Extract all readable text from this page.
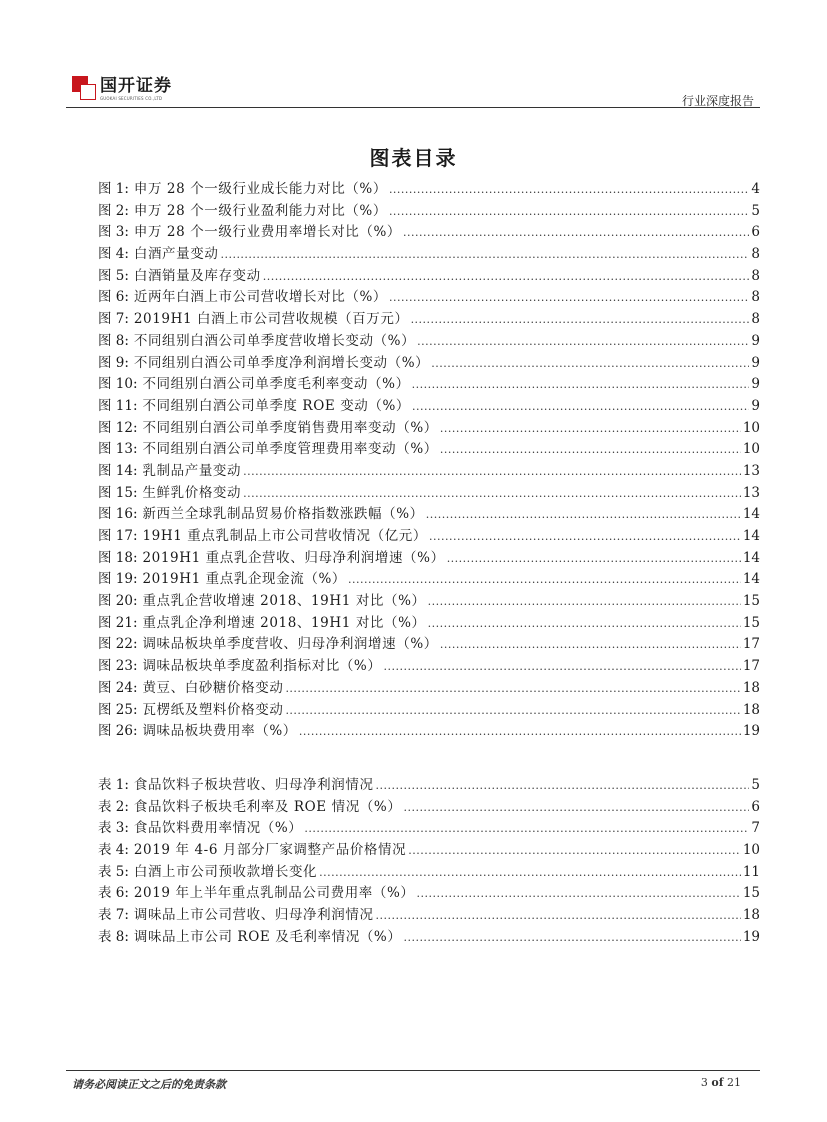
国开证券
GUOKAI SECURITIES CO.,LTD	行业深度报告
图表目录
图 1: 申万 28 个一级行业成长能力对比（%） .....	4
图 2: 申万 28 个一级行业盈利能力对比（%） .....	5
图 3: 申万 28 个一级行业费用率增长对比（%） .....	6
图 4: 白酒产量变动 .....	8
图 5: 白酒销量及库存变动 .....	8
图 6: 近两年白酒上市公司营收增长对比（%） .....	8
图 7: 2019H1 白酒上市公司营收规模（百万元） .....	8
图 8: 不同组别白酒公司单季度营收增长变动（%） .....	9
图 9: 不同组别白酒公司单季度净利润增长变动（%） .....	9
图 10: 不同组别白酒公司单季度毛利率变动（%） .....	9
图 11: 不同组别白酒公司单季度 ROE 变动（%） .....	9
图 12: 不同组别白酒公司单季度销售费用率变动（%） .....	10
图 13: 不同组别白酒公司单季度管理费用率变动（%） .....	10
图 14: 乳制品产量变动 .....	13
图 15: 生鲜乳价格变动 .....	13
图 16: 新西兰全球乳制品贸易价格指数涨跌幅（%） .....	14
图 17: 19H1 重点乳制品上市公司营收情况（亿元） .....	14
图 18: 2019H1 重点乳企营收、归母净利润增速（%） .....	14
图 19: 2019H1 重点乳企现金流（%） .....	14
图 20: 重点乳企营收增速 2018、19H1 对比（%） .....	15
图 21: 重点乳企净利增速 2018、19H1 对比（%） .....	15
图 22: 调味品板块单季度营收、归母净利润增速（%） .....	17
图 23: 调味品板块单季度盈利指标对比（%） .....	17
图 24: 黄豆、白砂糖价格变动 .....	18
图 25: 瓦楞纸及塑料价格变动 .....	18
图 26: 调味品板块费用率（%） .....	19
表 1: 食品饮料子板块营收、归母净利润情况 .....	5
表 2: 食品饮料子板块毛利率及 ROE 情况（%） .....	6
表 3: 食品饮料费用率情况（%） .....	7
表 4: 2019 年 4-6 月部分厂家调整产品价格情况 .....	10
表 5: 白酒上市公司预收款增长变化 .....	11
表 6: 2019 年上半年重点乳制品公司费用率（%） .....	15
表 7: 调味品上市公司营收、归母净利润情况 .....	18
表 8: 调味品上市公司 ROE 及毛利率情况（%） .....	19
请务必阅读正文之后的免责条款	3 of 21
